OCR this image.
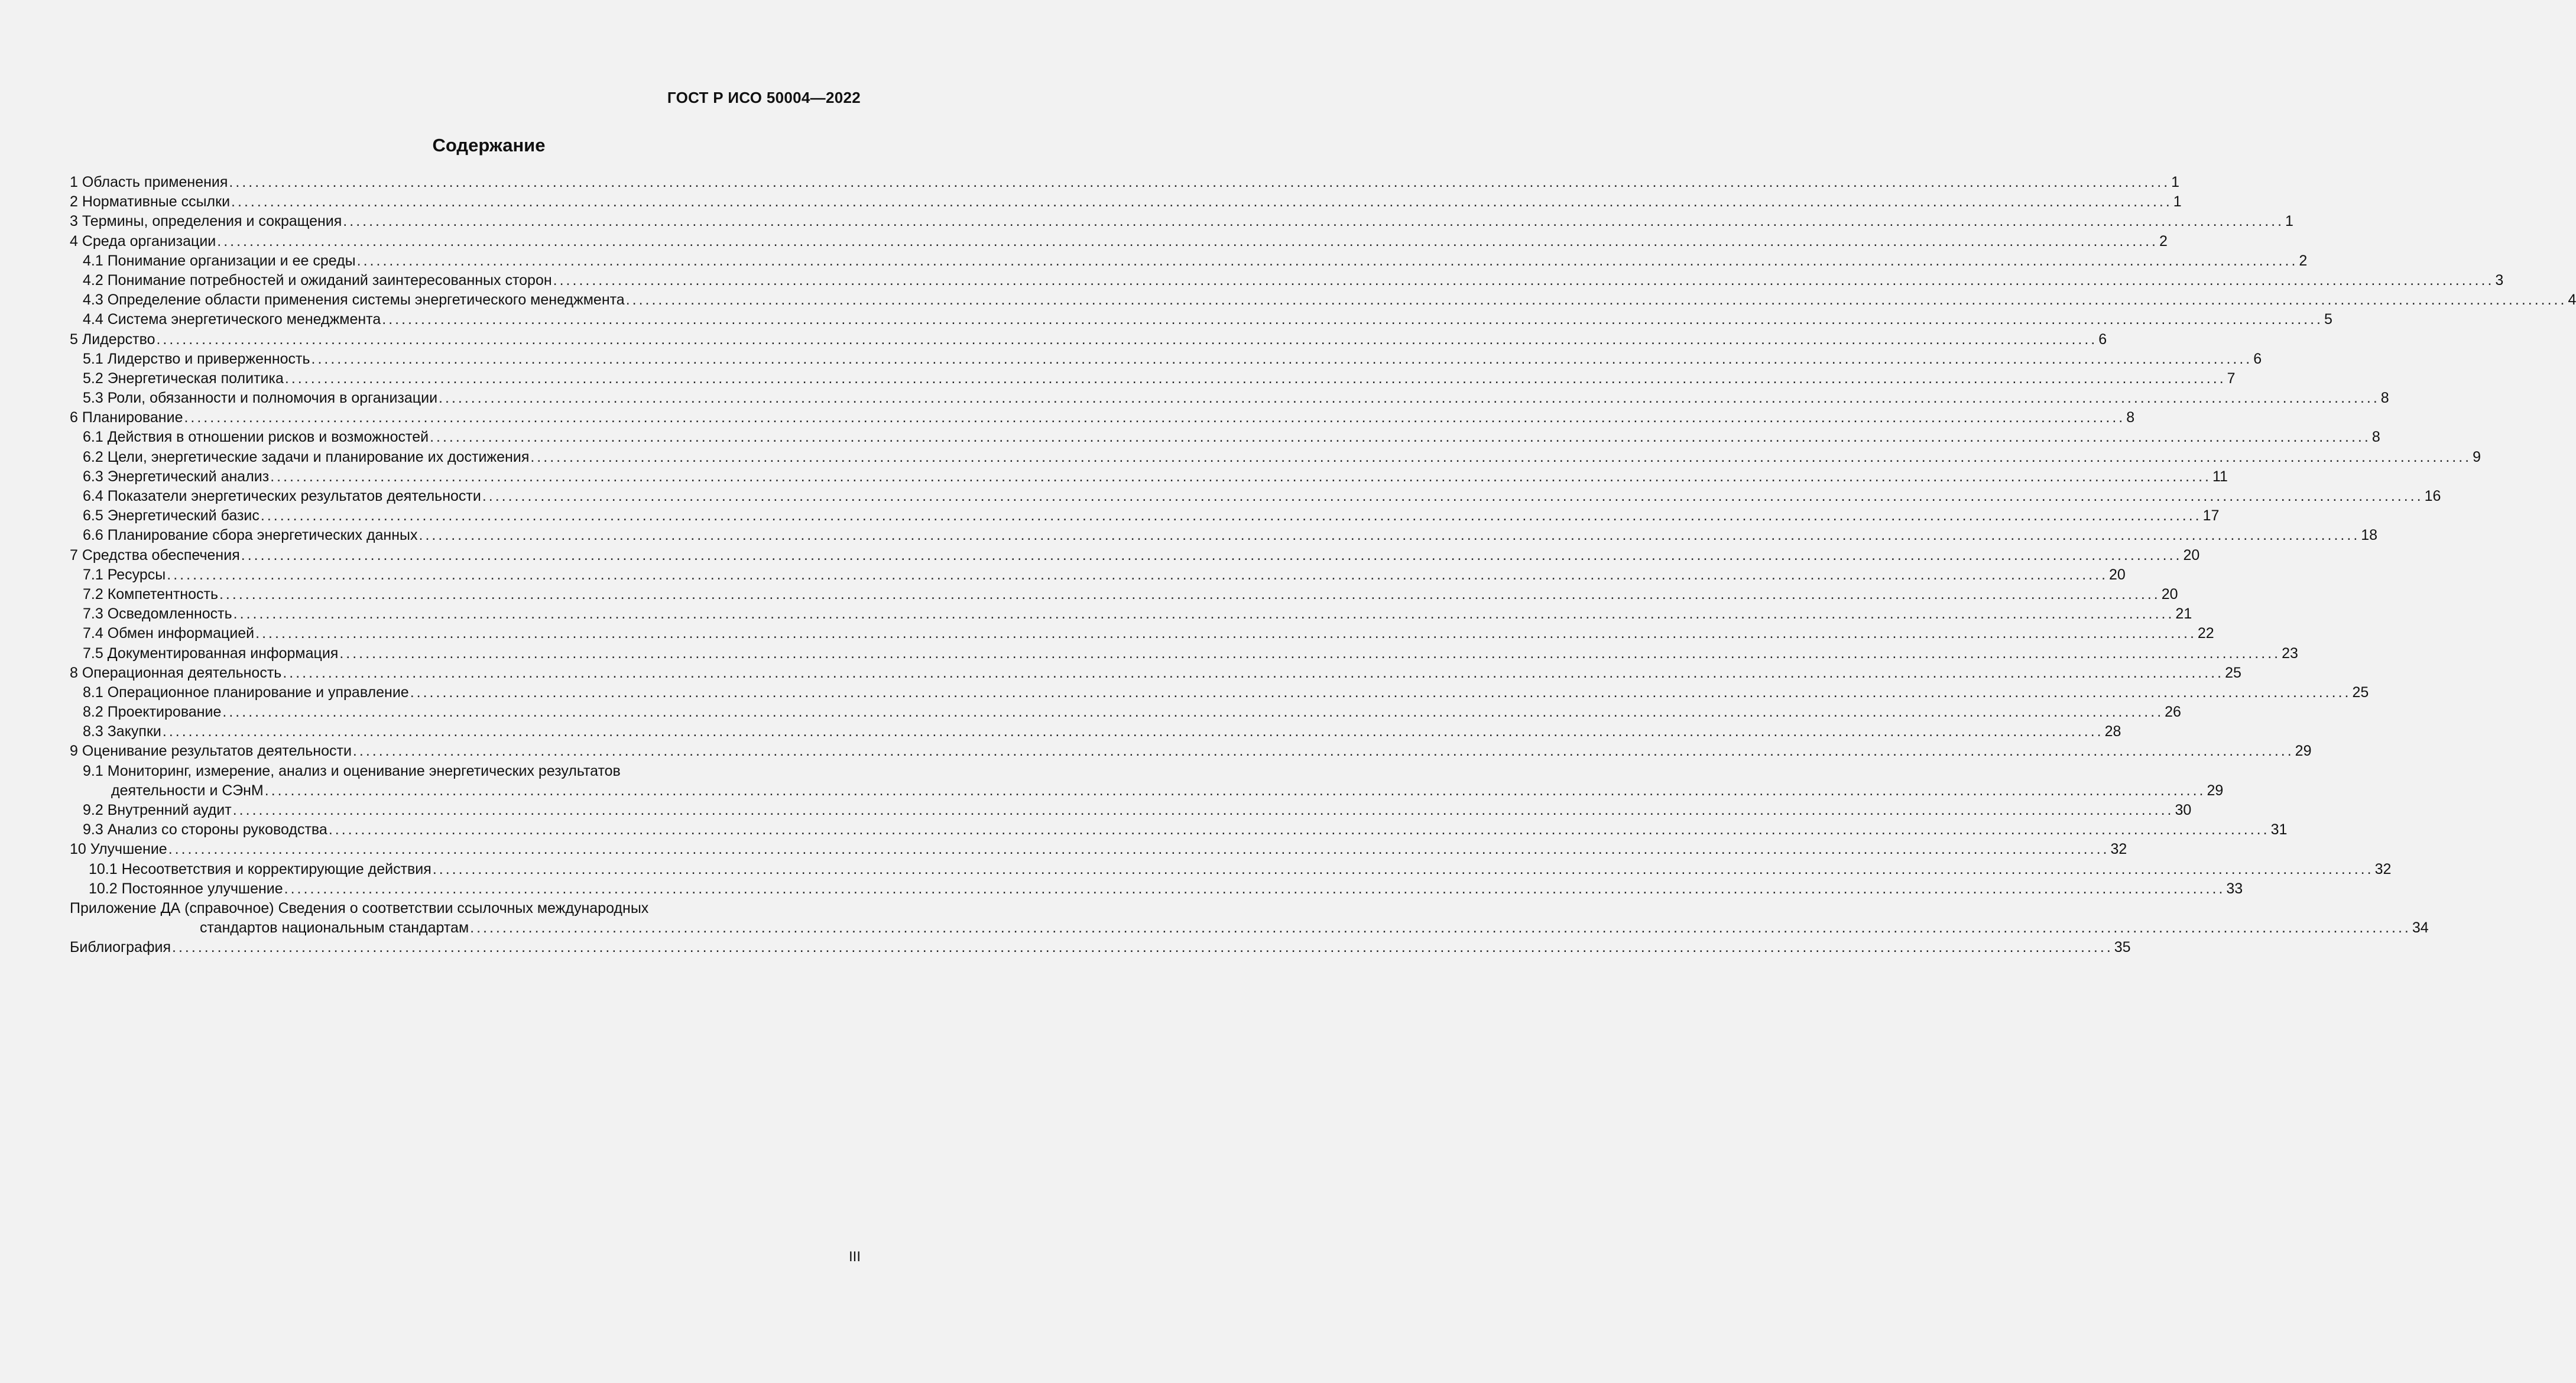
ГОСТ Р ИСО 50004—2022
Содержание
1 Область применения ............................................................................................................................................................................................................................................................................................................ 1
2 Нормативные ссылки ............................................................................................................................................................................................................................................................................................................ 1
3 Термины, определения и сокращения ............................................................................................................................................................................................................................................................................................................ 1
4 Среда организации ............................................................................................................................................................................................................................................................................................................ 2
4.1 Понимание организации и ее среды ............................................................................................................................................................................................................................................................................................................ 2
4.2 Понимание потребностей и ожиданий заинтересованных сторон ............................................................................................................................................................................................................................................................................................................ 3
4.3 Определение области применения системы энергетического менеджмента ............................................................................................................................................................................................................................................................................................................ 4
4.4 Система энергетического менеджмента ............................................................................................................................................................................................................................................................................................................ 5
5 Лидерство ............................................................................................................................................................................................................................................................................................................ 6
5.1 Лидерство и приверженность ............................................................................................................................................................................................................................................................................................................ 6
5.2 Энергетическая политика ............................................................................................................................................................................................................................................................................................................ 7
5.3 Роли, обязанности и полномочия в организации ............................................................................................................................................................................................................................................................................................................ 8
6 Планирование ............................................................................................................................................................................................................................................................................................................ 8
6.1 Действия в отношении рисков и возможностей ............................................................................................................................................................................................................................................................................................................ 8
6.2 Цели, энергетические задачи и планирование их достижения ............................................................................................................................................................................................................................................................................................................ 9
6.3 Энергетический анализ ............................................................................................................................................................................................................................................................................................................ 11
6.4 Показатели энергетических результатов деятельности ............................................................................................................................................................................................................................................................................................................ 16
6.5 Энергетический базис ............................................................................................................................................................................................................................................................................................................ 17
6.6 Планирование сбора энергетических данных ............................................................................................................................................................................................................................................................................................................ 18
7 Средства обеспечения ............................................................................................................................................................................................................................................................................................................ 20
7.1 Ресурсы ............................................................................................................................................................................................................................................................................................................ 20
7.2 Компетентность ............................................................................................................................................................................................................................................................................................................ 20
7.3 Осведомленность ............................................................................................................................................................................................................................................................................................................ 21
7.4 Обмен информацией ............................................................................................................................................................................................................................................................................................................ 22
7.5 Документированная информация ............................................................................................................................................................................................................................................................................................................ 23
8 Операционная деятельность ............................................................................................................................................................................................................................................................................................................ 25
8.1 Операционное планирование и управление ............................................................................................................................................................................................................................................................................................................ 25
8.2 Проектирование ............................................................................................................................................................................................................................................................................................................ 26
8.3 Закупки ............................................................................................................................................................................................................................................................................................................ 28
9 Оценивание результатов деятельности ............................................................................................................................................................................................................................................................................................................ 29
9.1 Мониторинг, измерение, анализ и оценивание энергетических результатов
деятельности и СЭнМ ............................................................................................................................................................................................................................................................................................................ 29
9.2 Внутренний аудит ............................................................................................................................................................................................................................................................................................................ 30
9.3 Анализ со стороны руководства ............................................................................................................................................................................................................................................................................................................ 31
10 Улучшение ............................................................................................................................................................................................................................................................................................................ 32
10.1 Несоответствия и корректирующие действия ............................................................................................................................................................................................................................................................................................................ 32
10.2 Постоянное улучшение ............................................................................................................................................................................................................................................................................................................ 33
Приложение ДА (справочное) Сведения о соответствии ссылочных международных
стандартов национальным стандартам ............................................................................................................................................................................................................................................................................................................ 34
Библиография ............................................................................................................................................................................................................................................................................................................ 35
III
